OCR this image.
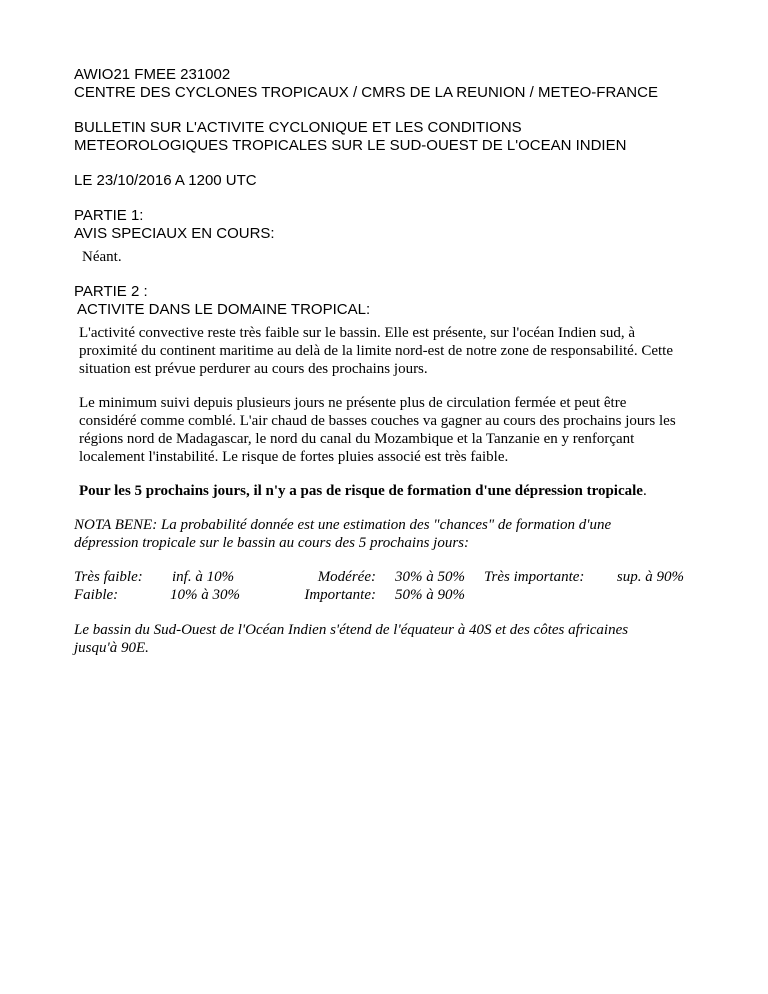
AWIO21 FMEE 231002
CENTRE DES CYCLONES TROPICAUX / CMRS DE LA REUNION / METEO-FRANCE
BULLETIN SUR L'ACTIVITE CYCLONIQUE ET LES CONDITIONS
METEOROLOGIQUES TROPICALES SUR LE SUD-OUEST DE L'OCEAN INDIEN
LE 23/10/2016 A 1200 UTC
PARTIE 1:
AVIS SPECIAUX EN COURS:
Néant.
PARTIE 2 :
ACTIVITE DANS LE DOMAINE TROPICAL:
L'activité convective reste très faible sur le bassin. Elle est présente, sur l'océan Indien sud, à
proximité du continent maritime au delà de la limite nord-est de notre zone de responsabilité. Cette
situation est prévue perdurer au cours des prochains jours.
Le minimum suivi depuis plusieurs jours ne présente plus de circulation fermée et peut être
considéré comme comblé. L'air chaud de basses couches va gagner au cours des prochains jours les
régions nord de Madagascar, le nord du canal du Mozambique et la Tanzanie en y renforçant
localement l'instabilité. Le risque de fortes pluies associé est très faible.
Pour les 5 prochains jours, il n'y a pas de risque de formation d'une dépression tropicale.
NOTA BENE: La probabilité donnée est une estimation des "chances" de formation d'une
dépression tropicale sur le bassin au cours des 5 prochains jours:
Très faible:	inf. à 10%	Modérée:	30% à 50%	Très importante:	sup. à 90%
Faible:	10% à 30%	Importante:	50% à 90%		
Le bassin du Sud-Ouest de l'Océan Indien s'étend de l'équateur à 40S et des côtes africaines
jusqu'à 90E.
